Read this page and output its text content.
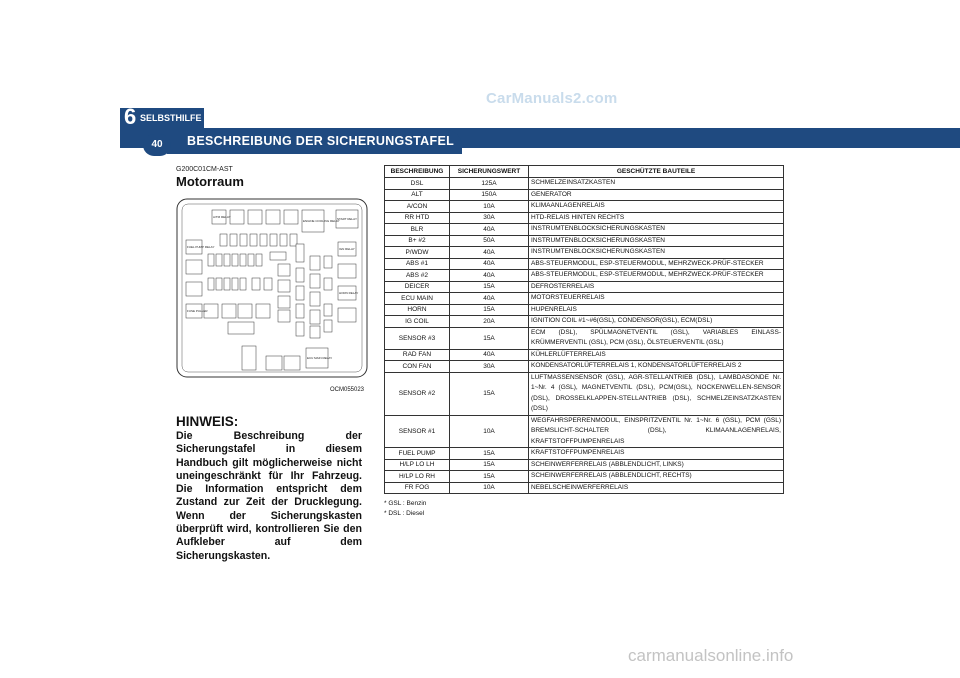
6 SELBSTHILFE
BESCHREIBUNG DER SICHERUNGSTAFEL
40
CarManuals2.com
G200C01CM-AST
Motorraum
A/TM RELAY
ENGINE COOLING RELAY
START RELAY
FUEL PUMP RELAY	IGN RELAY
HORN RELAY
FUSE PULLER
ECU MAIN RELAY
OCM055023
HINWEIS:
Die Beschreibung der Sicherungstafel in diesem Handbuch gilt möglicherweise nicht uneingeschränkt für Ihr Fahrzeug. Die Information entspricht dem Zustand zur Zeit der Drucklegung. Wenn der Sicherungskasten überprüft wird, kontrollieren Sie den Aufkleber auf dem Sicherungskasten.
BESCHREIBUNG	SICHERUNGSWERT	GESCHÜTZTE BAUTEILE
DSL	125A	SCHMELZEINSATZKASTEN
ALT	150A	GENERATOR
A/CON	10A	KLIMAANLAGENRELAIS
RR HTD	30A	HTD-RELAIS HINTEN RECHTS
BLR	40A	INSTRUMTENBLOCKSICHERUNGSKASTEN
B+ #2	50A	INSTRUMTENBLOCKSICHERUNGSKASTEN
P/WDW	40A	INSTRUMTENBLOCKSICHERUNGSKASTEN
ABS #1	40A	ABS-STEUERMODUL, ESP-STEUERMODUL, MEHRZWECK-PRÜF-STECKER
ABS #2	40A	ABS-STEUERMODUL, ESP-STEUERMODUL, MEHRZWECK-PRÜF-STECKER
DEICER	15A	DEFROSTERRELAIS
ECU MAIN	40A	MOTORSTEUERRELAIS
HORN	15A	HUPENRELAIS
IG COIL	20A	IGNITION COIL #1~#6(GSL), CONDENSOR(GSL), ECM(DSL)
SENSOR #3	15A	ECM (DSL), SPÜLMAGNETVENTIL (GSL), VARIABLES EINLASS-KRÜMMERVENTIL (GSL), PCM (GSL), ÖLSTEUERVENTIL (GSL)
RAD FAN	40A	KÜHLERLÜFTERRELAIS
CON FAN	30A	KONDENSATORLÜFTERRELAIS 1, KONDENSATORLÜFTERRELAIS 2
SENSOR #2	15A	LUFTMASSENSENSOR (GSL), AGR-STELLANTRIEB (DSL), LAMBDASONDE Nr. 1~Nr. 4 (GSL), MAGNETVENTIL (DSL), PCM(GSL), NOCKENWELLEN-SENSOR (DSL), DROSSELKLAPPEN-STELLANTRIEB (DSL), SCHMELZEINSATZKASTEN (DSL)
SENSOR #1	10A	WEGFAHRSPERRENMODUL, EINSPRITZVENTIL Nr. 1~Nr. 6 (GSL), PCM (GSL) BREMSLICHT-SCHALTER (DSL), KLIMAANLAGENRELAIS, KRAFTSTOFFPUMPENRELAIS
FUEL PUMP	15A	KRAFTSTOFFPUMPENRELAIS
H/LP LO LH	15A	SCHEINWERFERRELAIS (ABBLENDLICHT, LINKS)
H/LP LO RH	15A	SCHEINWERFERRELAIS (ABBLENDLICHT, RECHTS)
FR FOG	10A	NEBELSCHEINWERFERRELAIS
* GSL : Benzin
* DSL : Diesel
carmanualsonline.info
